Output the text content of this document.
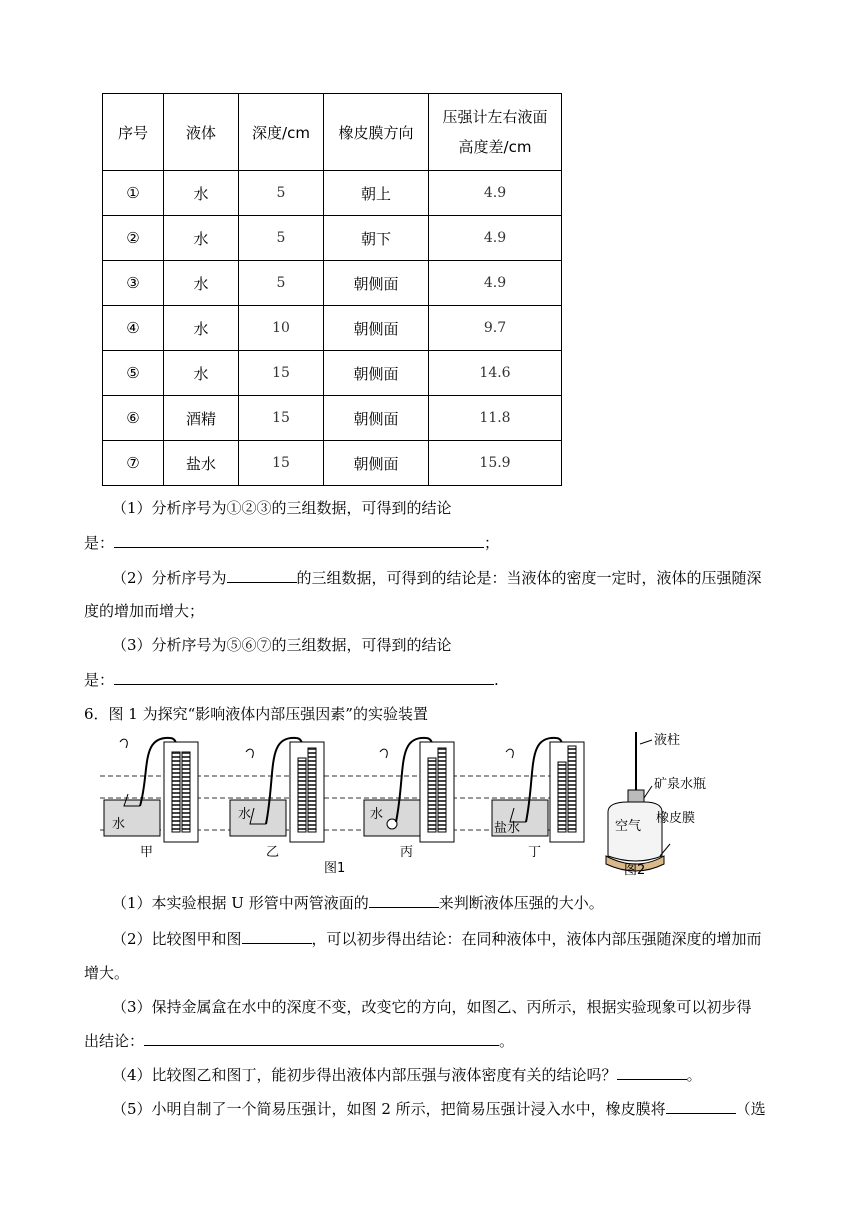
序号	液体	深度/cm	橡皮膜方向	压强计左右液面
高度差/cm
①	水	5	朝上	4.9
②	水	5	朝下	4.9
③	水	5	朝侧面	4.9
④	水	10	朝侧面	9.7
⑤	水	15	朝侧面	14.6
⑥	酒精	15	朝侧面	11.8
⑦	盐水	15	朝侧面	15.9
（1）分析序号为①②③的三组数据，可得到的结论
是：	；
（2）分析序号为	的三组数据，可得到的结论是：当液体的密度一定时，液体的压强随深
度的增加而增大；
（3）分析序号为⑤⑥⑦的三组数据，可得到的结论
是：	.
6．图 1 为探究“影响液体内部压强因素”的实验装置
水
甲
水
乙
水
丙
盐水
丁
图1
空气
液柱
矿泉水瓶
橡皮膜
图2
（1）本实验根据 U 形管中两管液面的	来判断液体压强的大小。
（2）比较图甲和图	，可以初步得出结论：在同种液体中，液体内部压强随深度的增加而
增大。
（3）保持金属盒在水中的深度不变，改变它的方向，如图乙、丙所示，根据实验现象可以初步得
出结论：	。
（4）比较图乙和图丁，能初步得出液体内部压强与液体密度有关的结论吗？	。
（5）小明自制了一个简易压强计，如图 2 所示，把简易压强计浸入水中，橡皮膜将	（选
